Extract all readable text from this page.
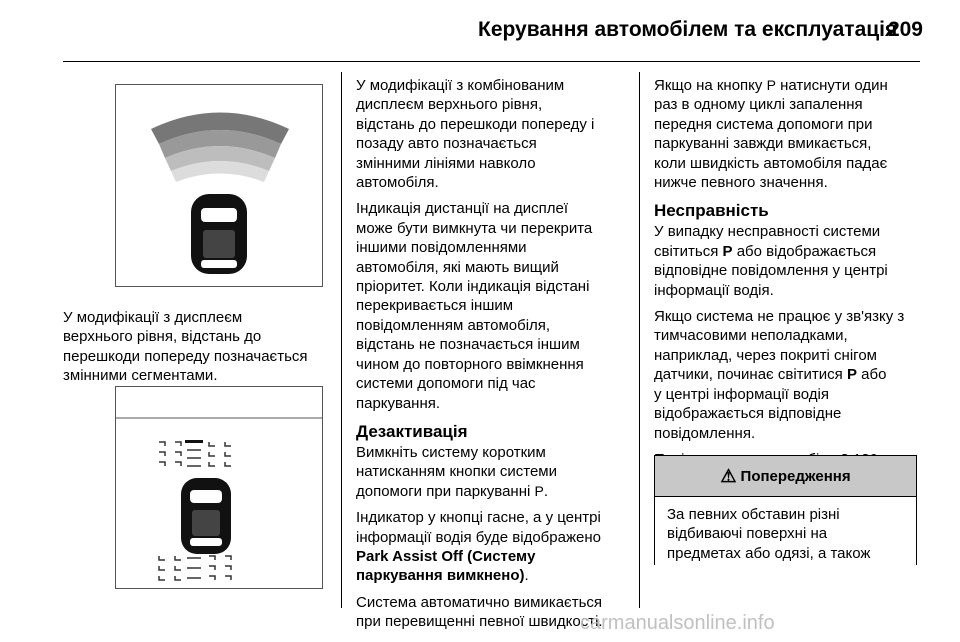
Керування автомобілем та експлуатація
209

У модифікації з дисплеєм
верхнього рівня, відстань до
перешкоди попереду позначається
змінними сегментами.

У модифікації з комбінованим
дисплеєм верхнього рівня,
відстань до перешкоди попереду і
позаду авто позначається
змінними лініями навколо
автомобіля.

Індикація дистанції на дисплеї
може бути вимкнута чи перекрита
іншими повідомленнями
автомобіля, які мають вищий
пріоритет. Коли індикація відстані
перекривається іншим
повідомленням автомобіля,
відстань не позначається іншим
чином до повторного ввімкнення
системи допомоги під час
паркування.

Дезактивація

Вимкніть систему коротким
натисканням кнопки системи
допомоги при паркуванні P.

Індикатор у кнопці гасне, а у центрі
інформації водія буде відображено
Park Assist Off (Системy
паркування вимкнено).

Система автоматично вимикається
при перевищенні певної швидкості.

Якщо на кнопку P натиснути один
раз в одному циклі запалення
передня система допомоги при
паркуванні завжди вмикається,
коли швидкість автомобіля падає
нижче певного значення.

Несправність

У випадку несправності системи
світиться P або відображається
відповідне повідомлення у центрі
інформації водія.

Якщо система не працює у зв'язку з
тимчасовими неполадками,
наприклад, через покриті снігом
датчики, починає світитися P або
у центрі інформації водія
відображається відповідне
повідомлення.

⚠ Попередження
За певних обставин різні
відбиваючі поверхні на
предметах або одязі, а також
carmanualsonline.info
